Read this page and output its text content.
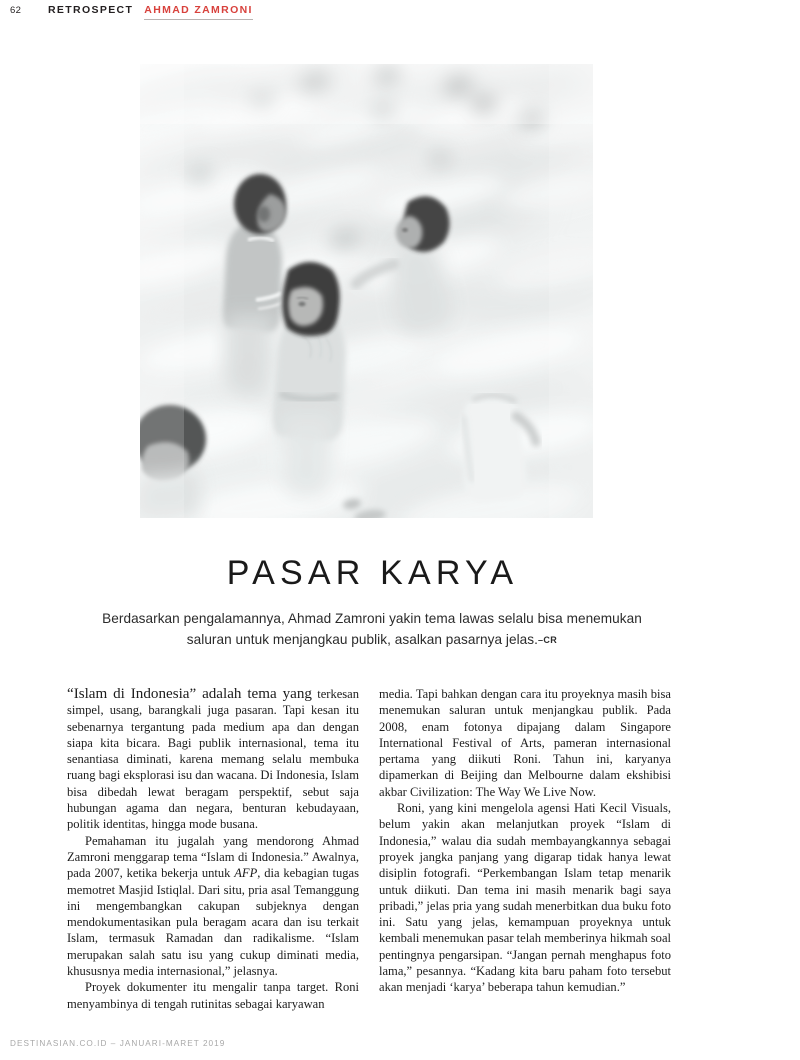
62	RETROSPECT AHMAD ZAMRONI
PASAR KARYA
Berdasarkan pengalamannya, Ahmad Zamroni yakin tema lawas selalu bisa menemukan saluran untuk menjangkau publik, asalkan pasarnya jelas.–CR

“Islam di Indonesia” adalah tema yang terkesan simpel, usang, barangkali juga pasaran. Tapi kesan itu sebenarnya tergantung pada medium apa dan dengan siapa kita bicara. Bagi publik internasional, tema itu senantiasa diminati, karena memang selalu membuka ruang bagi eksplorasi isu dan wacana. Di Indonesia, Islam bisa dibedah lewat beragam perspektif, sebut saja hubungan agama dan negara, benturan kebudayaan, politik identitas, hingga mode busana.

Pemahaman itu jugalah yang mendorong Ahmad Zamroni menggarap tema “Islam di Indonesia.” Awalnya, pada 2007, ketika bekerja untuk AFP, dia kebagian tugas memotret Masjid Istiqlal. Dari situ, pria asal Temanggung ini mengembangkan cakupan subjeknya dengan mendokumentasikan pula beragam acara dan isu terkait Islam, termasuk Ramadan dan radikalisme. “Islam merupakan salah satu isu yang cukup diminati media, khususnya media internasional,” jelasnya.

Proyek dokumenter itu mengalir tanpa target. Roni menyambinya di tengah rutinitas sebagai karyawan

media. Tapi bahkan dengan cara itu proyeknya masih bisa menemukan saluran untuk menjangkau publik. Pada 2008, enam fotonya dipajang dalam Singapore International Festival of Arts, pameran internasional pertama yang diikuti Roni. Tahun ini, karyanya dipamerkan di Beijing dan Melbourne dalam ekshibisi akbar Civilization: The Way We Live Now.

Roni, yang kini mengelola agensi Hati Kecil Visuals, belum yakin akan melanjutkan proyek “Islam di Indonesia,” walau dia sudah membayangkannya sebagai proyek jangka panjang yang digarap tidak hanya lewat disiplin fotografi. “Perkembangan Islam tetap menarik untuk diikuti. Dan tema ini masih menarik bagi saya pribadi,” jelas pria yang sudah menerbitkan dua buku foto ini. Satu yang jelas, kemampuan proyeknya untuk kembali menemukan pasar telah memberinya hikmah soal pentingnya pengarsipan. “Jangan pernah menghapus foto lama,” pesannya. “Kadang kita baru paham foto tersebut akan menjadi ‘karya’ beberapa tahun kemudian.”

DESTINASIAN.CO.ID – JANUARI-MARET 2019
